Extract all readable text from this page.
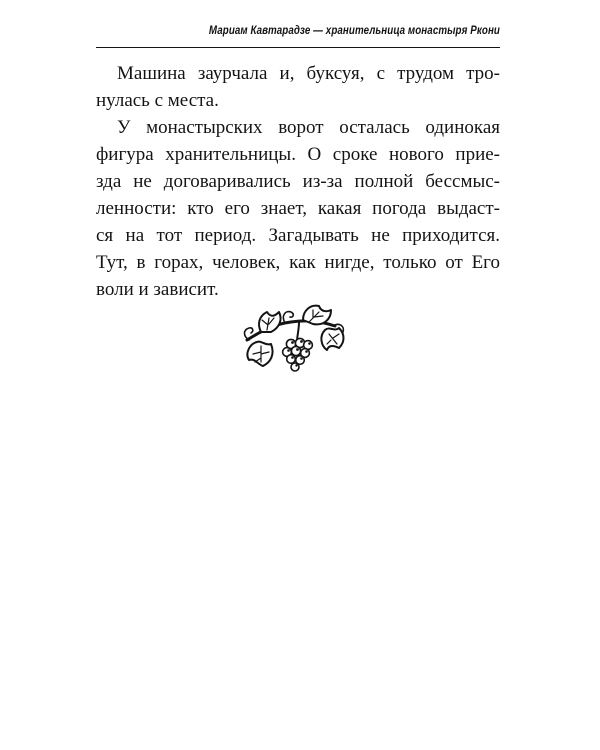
Мариам Кавтарадзе — хранительница монастыря Ркони
Машина заурчала и, буксуя, с трудом тро-
нулась с места.
У монастырских ворот осталась одинокая
фигура хранительницы. О сроке нового прие-
зда не договаривались из-за полной бессмыс-
ленности: кто его знает, какая погода выдаст-
ся на тот период. Загадывать не приходится.
Тут, в горах, человек, как нигде, только от Его
воли и зависит.
